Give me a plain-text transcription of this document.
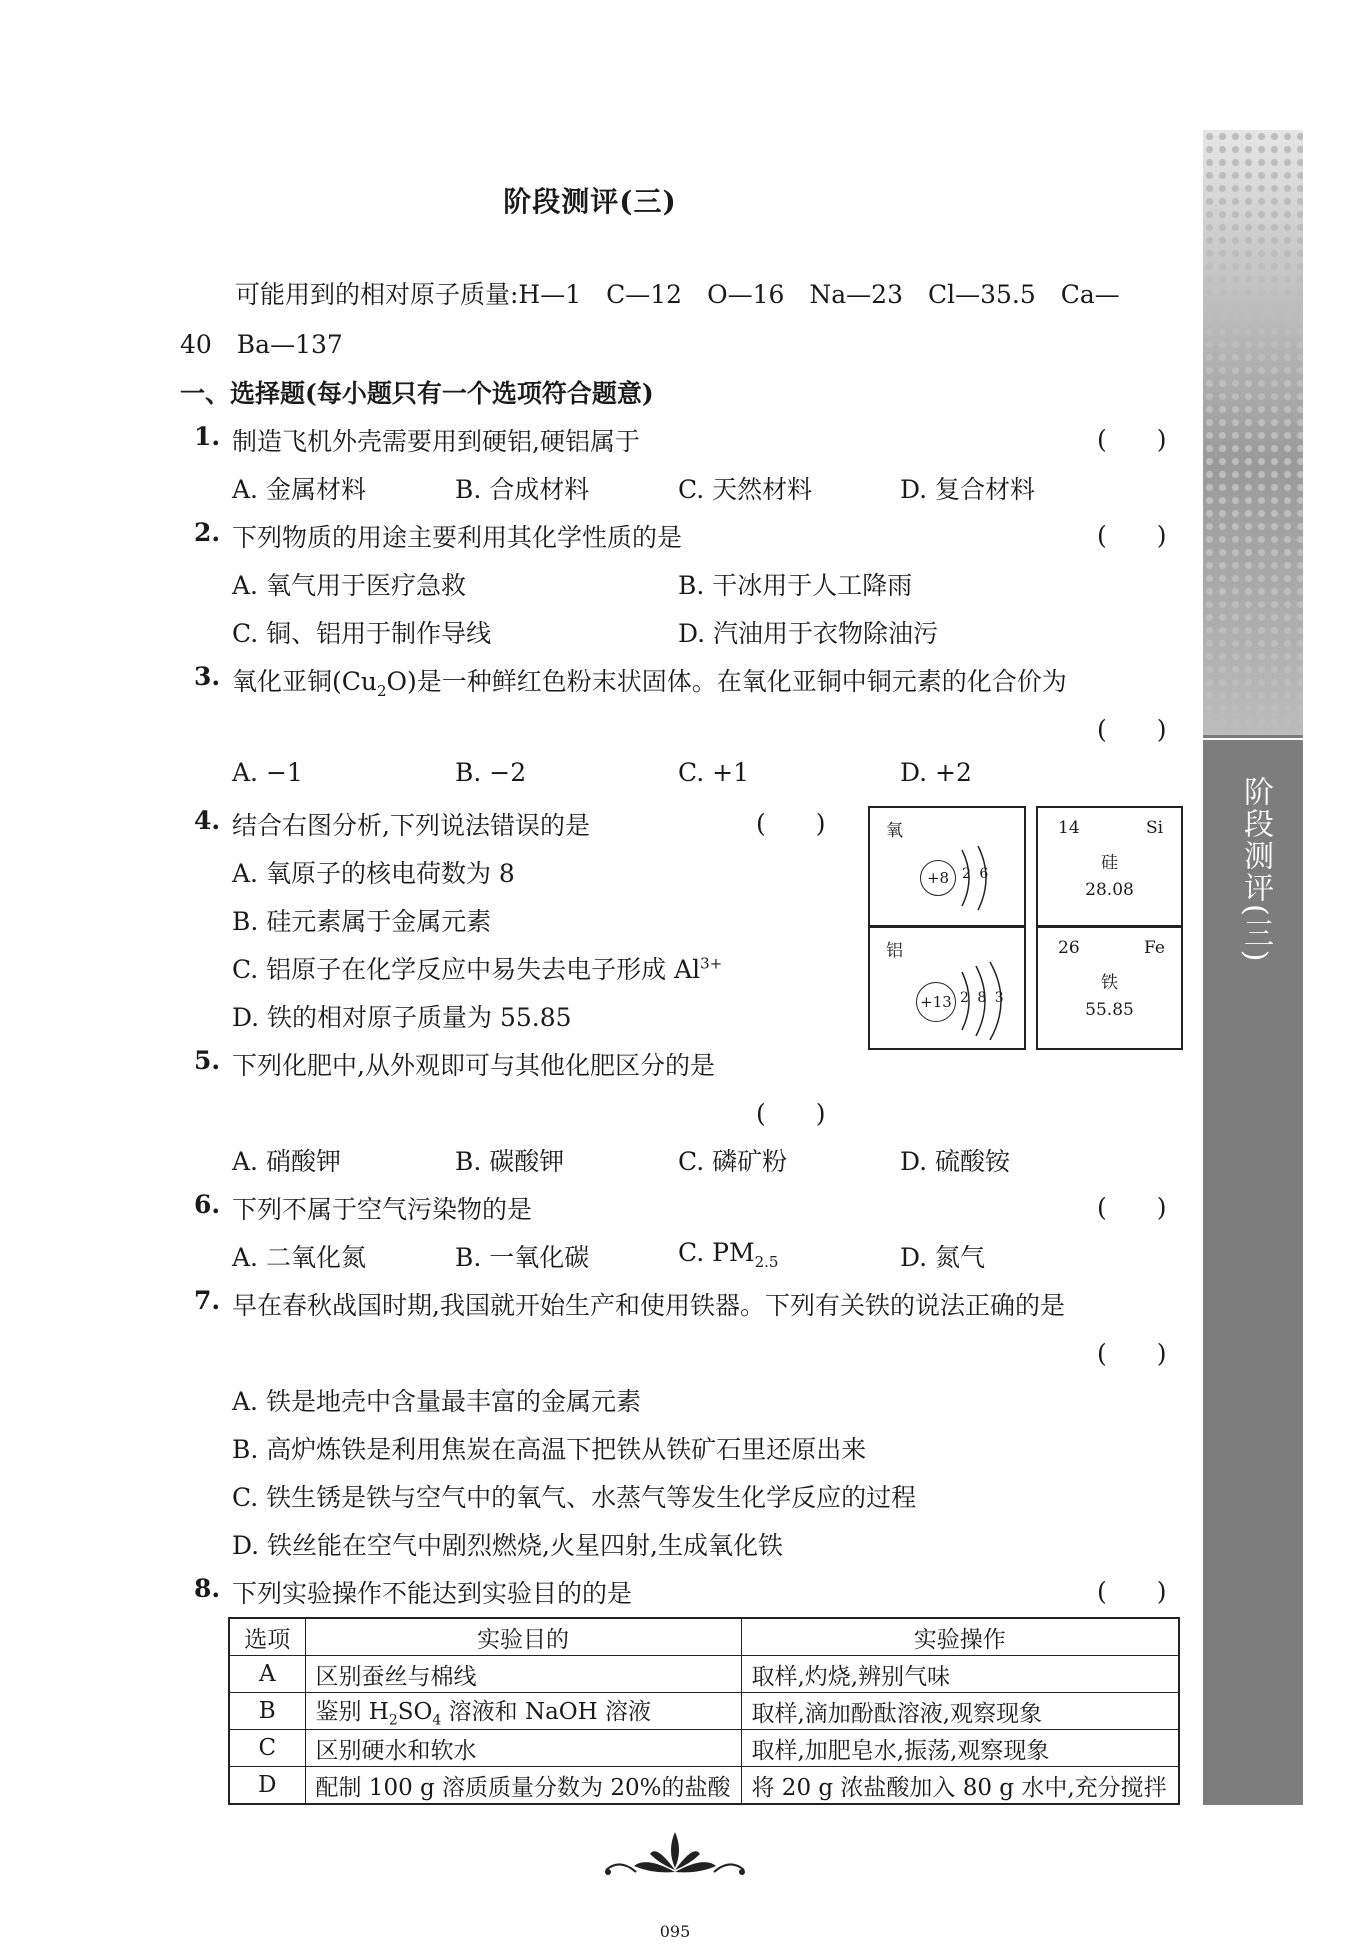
阶段测评(三)
阶段测评(三)
可能用到的相对原子质量:H—1　C—12　O—16　Na—23　Cl—35.5　Ca—
40　Ba—137
一、选择题(每小题只有一个选项符合题意)
1. 制造飞机外壳需要用到硬铝,硬铝属于	(　　)
A. 金属材料	B. 合成材料	C. 天然材料	D. 复合材料
2. 下列物质的用途主要利用其化学性质的是	(　　)
A. 氧气用于医疗急救	B. 干冰用于人工降雨
C. 铜、铝用于制作导线	D. 汽油用于衣物除油污
3. 氧化亚铜$(Cu_2O)$是一种鲜红色粉末状固体。在氧化亚铜中铜元素的化合价为
(　　)
A. −1	B. −2	C. +1	D. +2
4. 结合右图分析,下列说法错误的是	(　　)
A. 氧原子的核电荷数为 8
B. 硅元素属于金属元素
C. 铝原子在化学反应中易失去电子形成 $Al^{3+}$
D. 铁的相对原子质量为 55.85
氧
+8 2 6
14	Si
硅
28.08
铝
+13 2 8 3
26	Fe
铁
55.85
5. 下列化肥中,从外观即可与其他化肥区分的是
(　　)
A. 硝酸钾	B. 碳酸钾	C. 磷矿粉	D. 硫酸铵
6. 下列不属于空气污染物的是	(　　)
A. 二氧化氮	B. 一氧化碳	C. $PM_{2.5}$	D. 氮气
7. 早在春秋战国时期,我国就开始生产和使用铁器。下列有关铁的说法正确的是
(　　)
A. 铁是地壳中含量最丰富的金属元素
B. 高炉炼铁是利用焦炭在高温下把铁从铁矿石里还原出来
C. 铁生锈是铁与空气中的氧气、水蒸气等发生化学反应的过程
D. 铁丝能在空气中剧烈燃烧,火星四射,生成氧化铁
8. 下列实验操作不能达到实验目的的是	(　　)
选项	实验目的	实验操作
A	区别蚕丝与棉线	取样,灼烧,辨别气味
B	鉴别 $H_2SO_4$ 溶液和 NaOH 溶液	取样,滴加酚酞溶液,观察现象
C	区别硬水和软水	取样,加肥皂水,振荡,观察现象
D	配制 100 g 溶质质量分数为 20%的盐酸	将 20 g 浓盐酸加入 80 g 水中,充分搅拌
095
